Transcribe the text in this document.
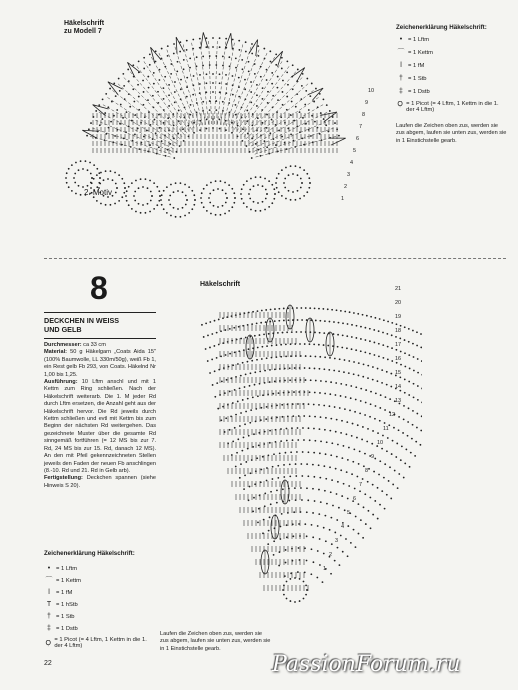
Häkelschrift
zu Modell 7
2. Motiv
10
9
8
7
6
5
4
3
2
1
Zeichenerklärung Häkelschrift:
• = 1 Lftm
⌒ = 1 Kettm
ǀ	= 1 fM
† = 1 Stb
‡ = 1 Dstb
Ọ = 1 Picot (= 4 Lftm, 1 Kettm in die 1. der 4 Lftm)
Laufen die Zeichen oben zus, werden sie zus abgem, laufen sie unten zus, werden sie in 1 Einstichstelle gearb.
8
DECKCHEN IN WEISS
UND GELB
Durchmesser: ca 33 cm
Material: 50 g Häkelgarn „Coats Aida 15" (100% Baumwolle, LL 330m/50g), weiß Fb 1, ein Rest gelb Fb 293, von Coats. Häkelnd Nr 1,00 bis 1,25.
Ausführung: 10 Lftm anschl und mit 1 Kettm zum Ring schließen. Nach der Häkelschrift weiterarb. Die 1. M jeder Rd durch Lftm ersetzen, die Anzahl geht aus der Häkelschrift hervor. Die Rd jeweils durch Kettm schließen und evtl mit Kettm bis zum Beginn der nächsten Rd weitergehen. Das gezeichnete Muster über die gesamte Rd sinngemäß fortführen (= 12 MS bis zur 7. Rd, 24 MS bis zur 15. Rd, danach 12 MS). An den mit Pfeil gekennzeichneten Stellen jeweils den Faden der neuen Fb anschlingen (8.-10. Rd und 21. Rd in Gelb arb).
Fertigstellung: Deckchen spannen (siehe Hinweis S 20).
Häkelschrift
21
20
19
18
17
16
15
14
13
12
11
10
9
8
7
6
5
4
3
2
1
Zeichenerklärung Häkelschrift:
• = 1 Lftm
⌒ = 1 Kettm
ǀ	= 1 fM
T = 1 hStb
† = 1 Stb
‡ = 1 Dstb
Ọ = 1 Picot (= 4 Lftm, 1 Kettm in die 1. der 4 Lftm)
Laufen die Zeichen oben zus, werden sie zus abgem, laufen sie unten zus, werden sie in 1 Einstichstelle gearb.
22	PassionForum.ru
